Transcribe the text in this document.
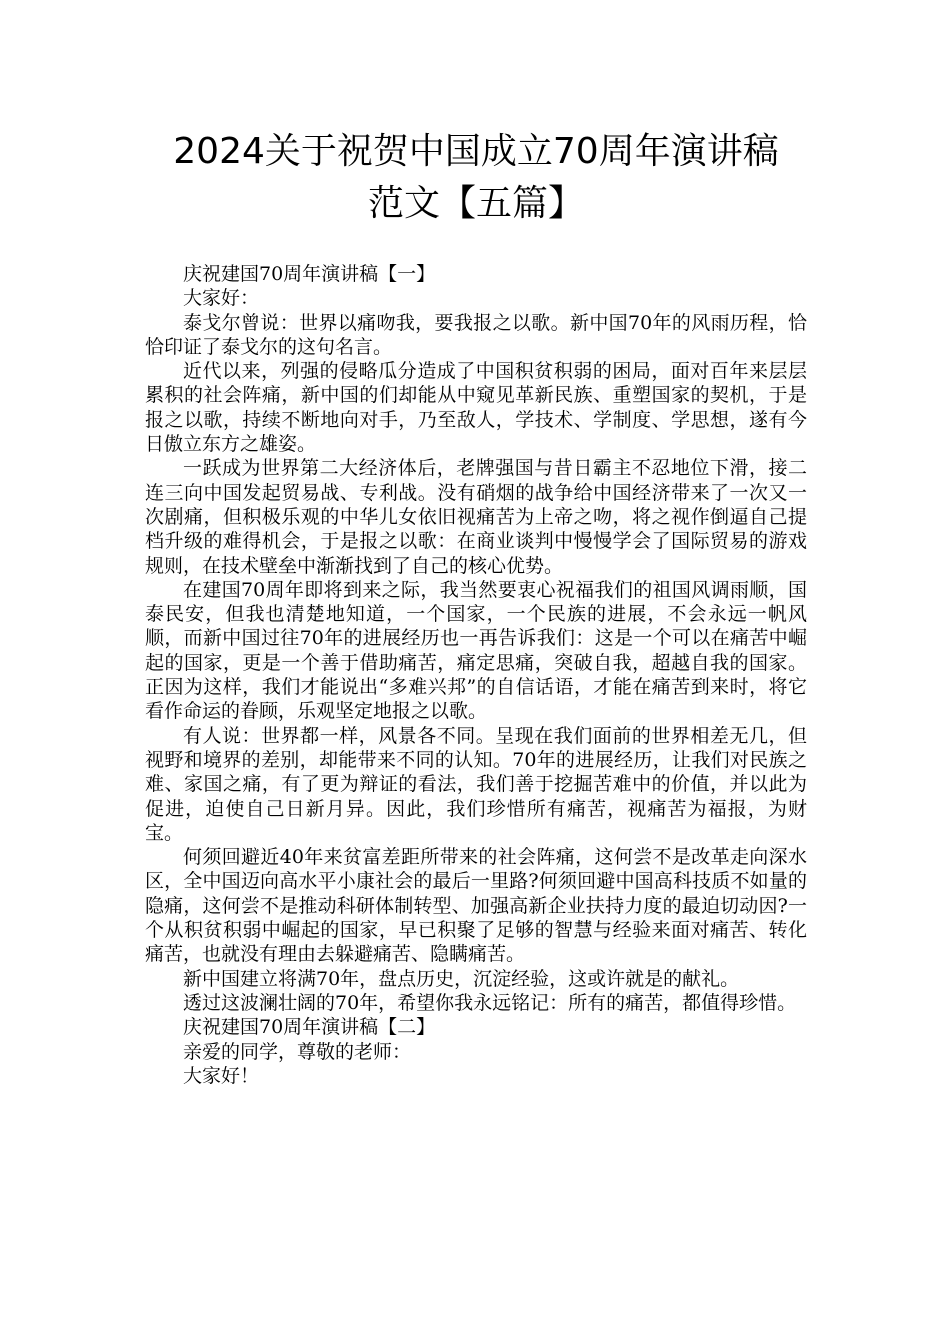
2024关于祝贺中国成立70周年演讲稿
范文【五篇】

庆祝建国70周年演讲稿【一】

大家好：

泰戈尔曾说：世界以痛吻我，要我报之以歌。新中国70年的风雨历程，恰恰印证了泰戈尔的这句名言。

近代以来，列强的侵略瓜分造成了中国积贫积弱的困局，面对百年来层层累积的社会阵痛，新中国的们却能从中窥见革新民族、重塑国家的契机，于是报之以歌，持续不断地向对手，乃至敌人，学技术、学制度、学思想，遂有今日傲立东方之雄姿。

一跃成为世界第二大经济体后，老牌强国与昔日霸主不忍地位下滑，接二连三向中国发起贸易战、专利战。没有硝烟的战争给中国经济带来了一次又一次剧痛，但积极乐观的中华儿女依旧视痛苦为上帝之吻，将之视作倒逼自己提档升级的难得机会，于是报之以歌：在商业谈判中慢慢学会了国际贸易的游戏规则，在技术壁垒中渐渐找到了自己的核心优势。

在建国70周年即将到来之际，我当然要衷心祝福我们的祖国风调雨顺，国泰民安，但我也清楚地知道，一个国家，一个民族的进展，不会永远一帆风顺，而新中国过往70年的进展经历也一再告诉我们：这是一个可以在痛苦中崛起的国家，更是一个善于借助痛苦，痛定思痛，突破自我，超越自我的国家。正因为这样，我们才能说出“多难兴邦”的自信话语，才能在痛苦到来时，将它看作命运的眷顾，乐观坚定地报之以歌。

有人说：世界都一样，风景各不同。呈现在我们面前的世界相差无几，但视野和境界的差别，却能带来不同的认知。70年的进展经历，让我们对民族之难、家国之痛，有了更为辩证的看法，我们善于挖掘苦难中的价值，并以此为促进，迫使自己日新月异。因此，我们珍惜所有痛苦，视痛苦为福报，为财宝。

何须回避近40年来贫富差距所带来的社会阵痛，这何尝不是改革走向深水区，全中国迈向高水平小康社会的最后一里路?何须回避中国高科技质不如量的隐痛，这何尝不是推动科研体制转型、加强高新企业扶持力度的最迫切动因?一个从积贫积弱中崛起的国家，早已积聚了足够的智慧与经验来面对痛苦、转化痛苦，也就没有理由去躲避痛苦、隐瞒痛苦。

新中国建立将满70年，盘点历史，沉淀经验，这或许就是的献礼。

透过这波澜壮阔的70年，希望你我永远铭记：所有的痛苦，都值得珍惜。

庆祝建国70周年演讲稿【二】

亲爱的同学，尊敬的老师：

大家好！
